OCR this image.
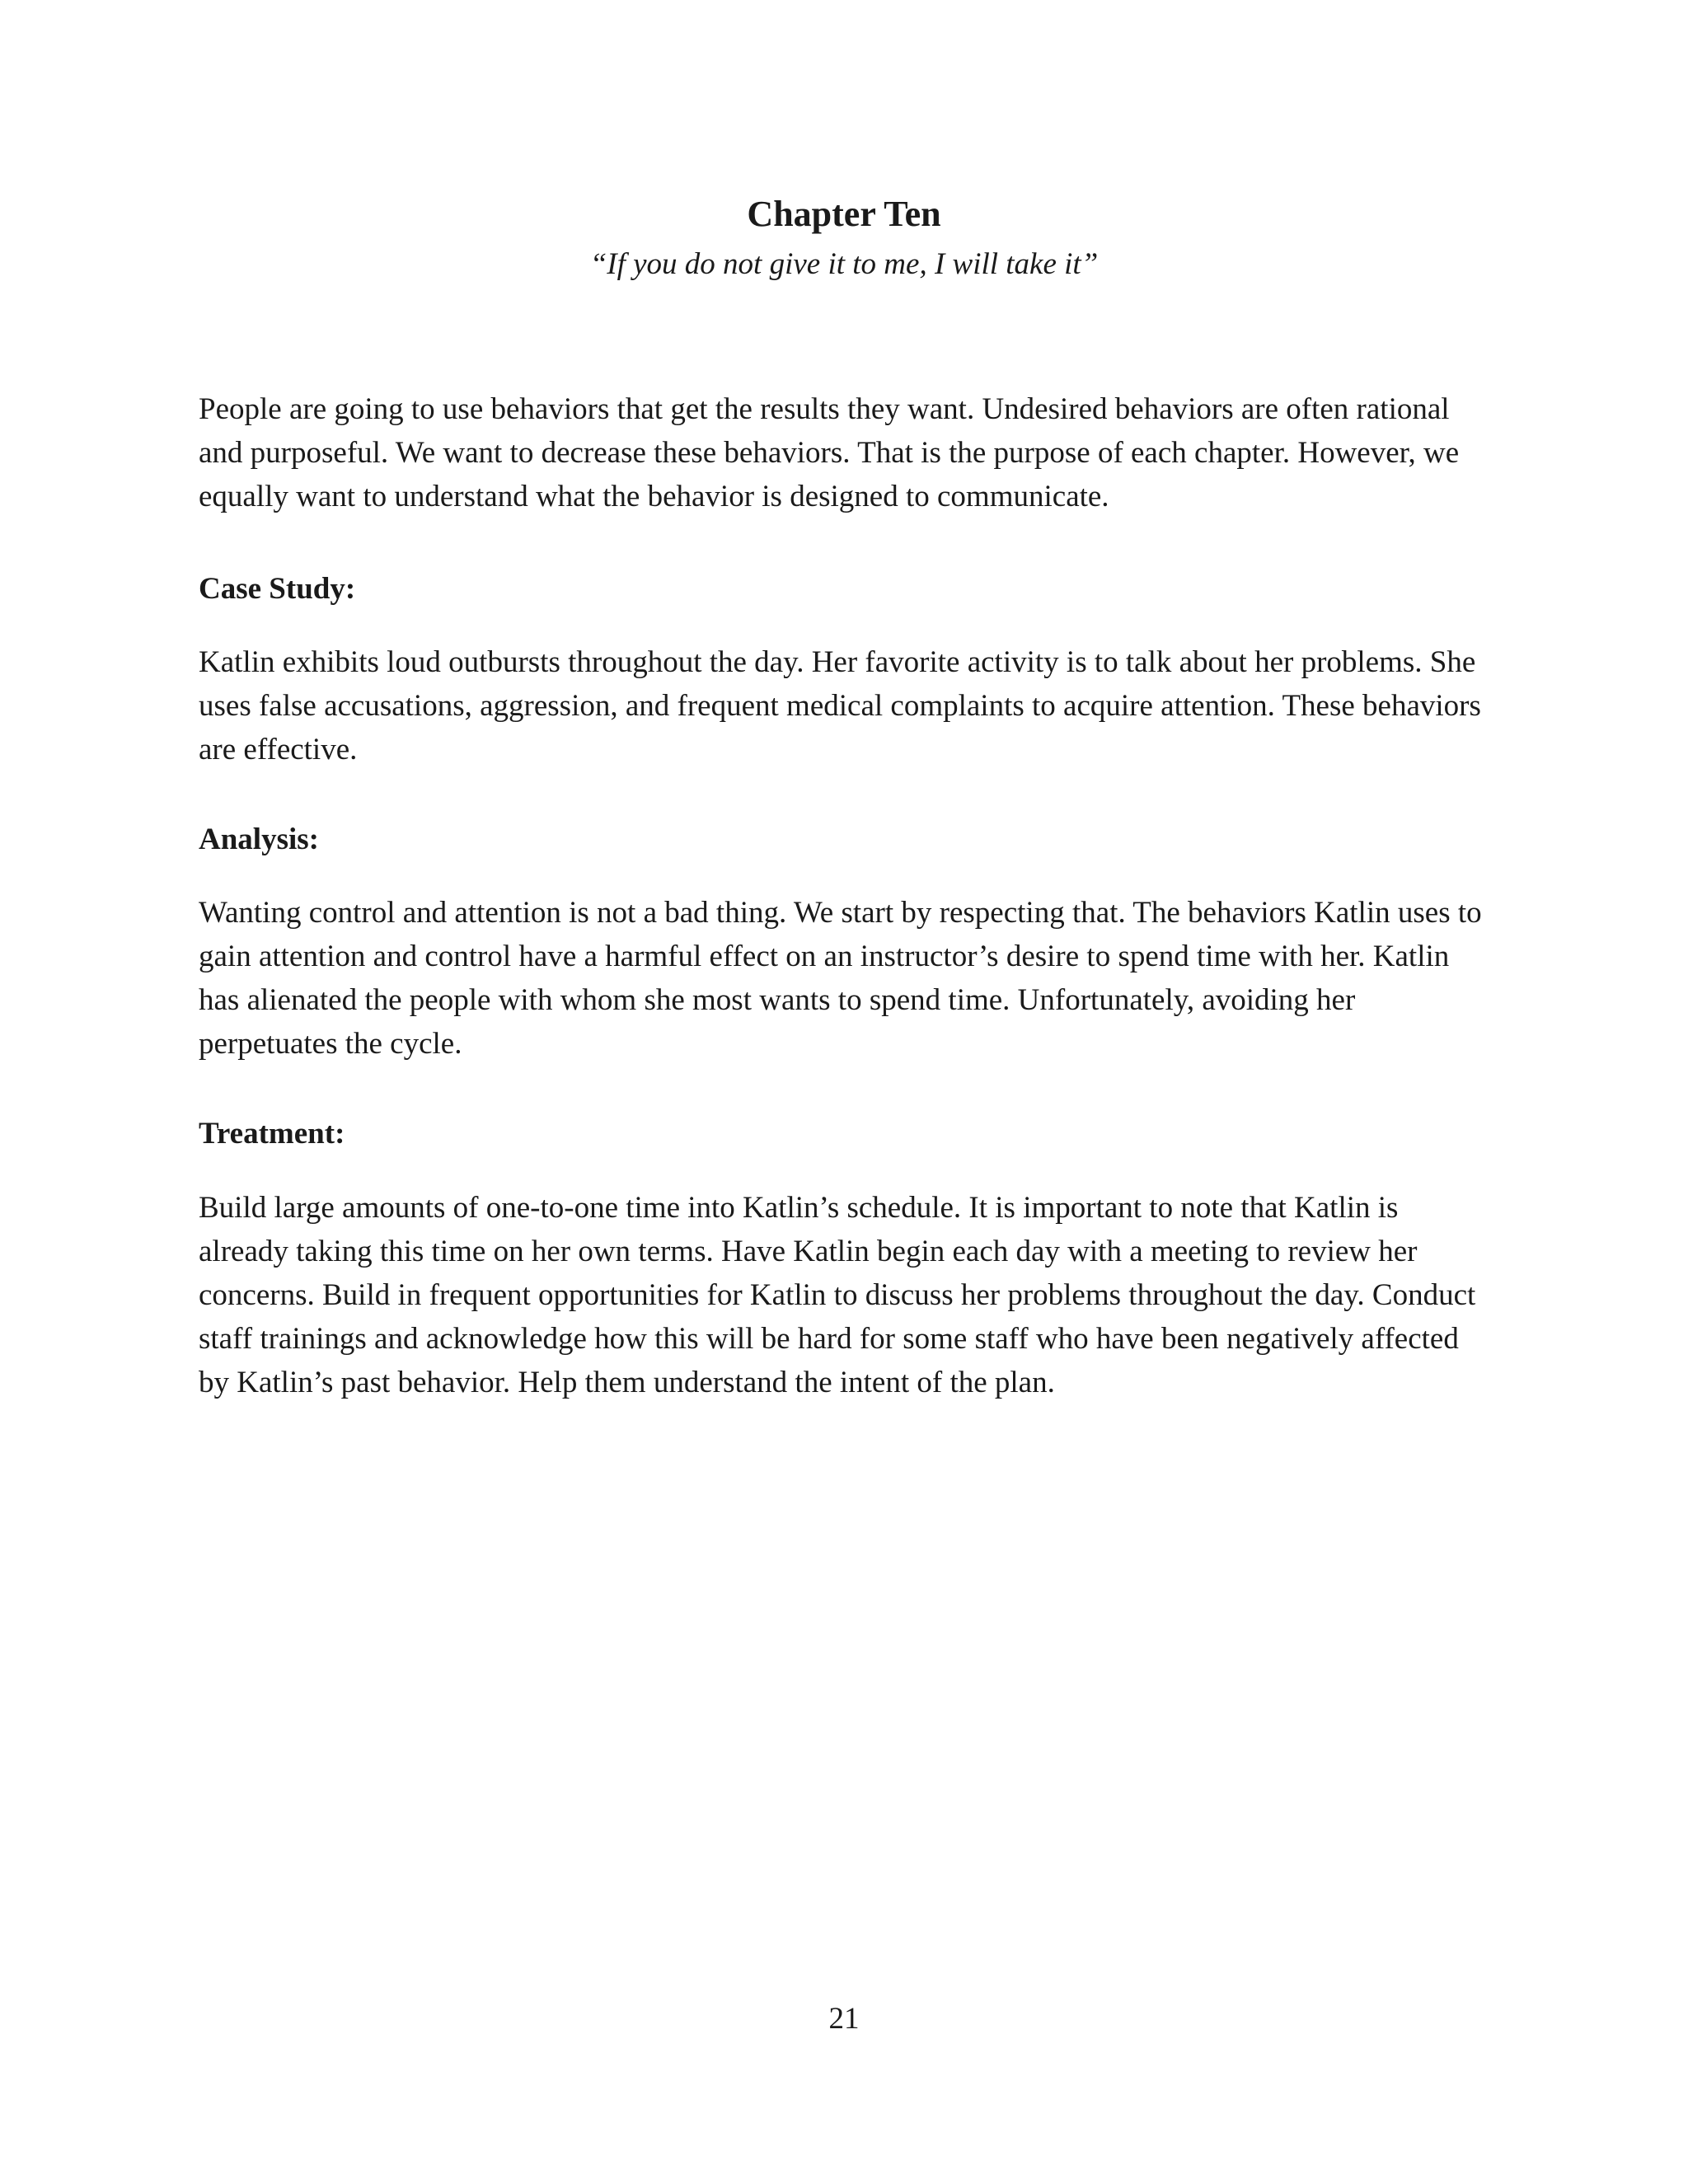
Chapter Ten

“If you do not give it to me, I will take it”

People are going to use behaviors that get the results they want. Undesired behaviors are often rational and purposeful. We want to decrease these behaviors. That is the purpose of each chapter. However, we equally want to understand what the behavior is designed to communicate.

Case Study:

Katlin exhibits loud outbursts throughout the day. Her favorite activity is to talk about her problems. She uses false accusations, aggression, and frequent medical complaints to acquire attention. These behaviors are effective.

Analysis:

Wanting control and attention is not a bad thing. We start by respecting that. The behaviors Katlin uses to gain attention and control have a harmful effect on an instructor’s desire to spend time with her. Katlin has alienated the people with whom she most wants to spend time. Unfortunately, avoiding her perpetuates the cycle.

Treatment:

Build large amounts of one-to-one time into Katlin’s schedule. It is important to note that Katlin is already taking this time on her own terms. Have Katlin begin each day with a meeting to review her concerns. Build in frequent opportunities for Katlin to discuss her problems throughout the day. Conduct staff trainings and acknowledge how this will be hard for some staff who have been negatively affected by Katlin’s past behavior. Help them understand the intent of the plan.

21
